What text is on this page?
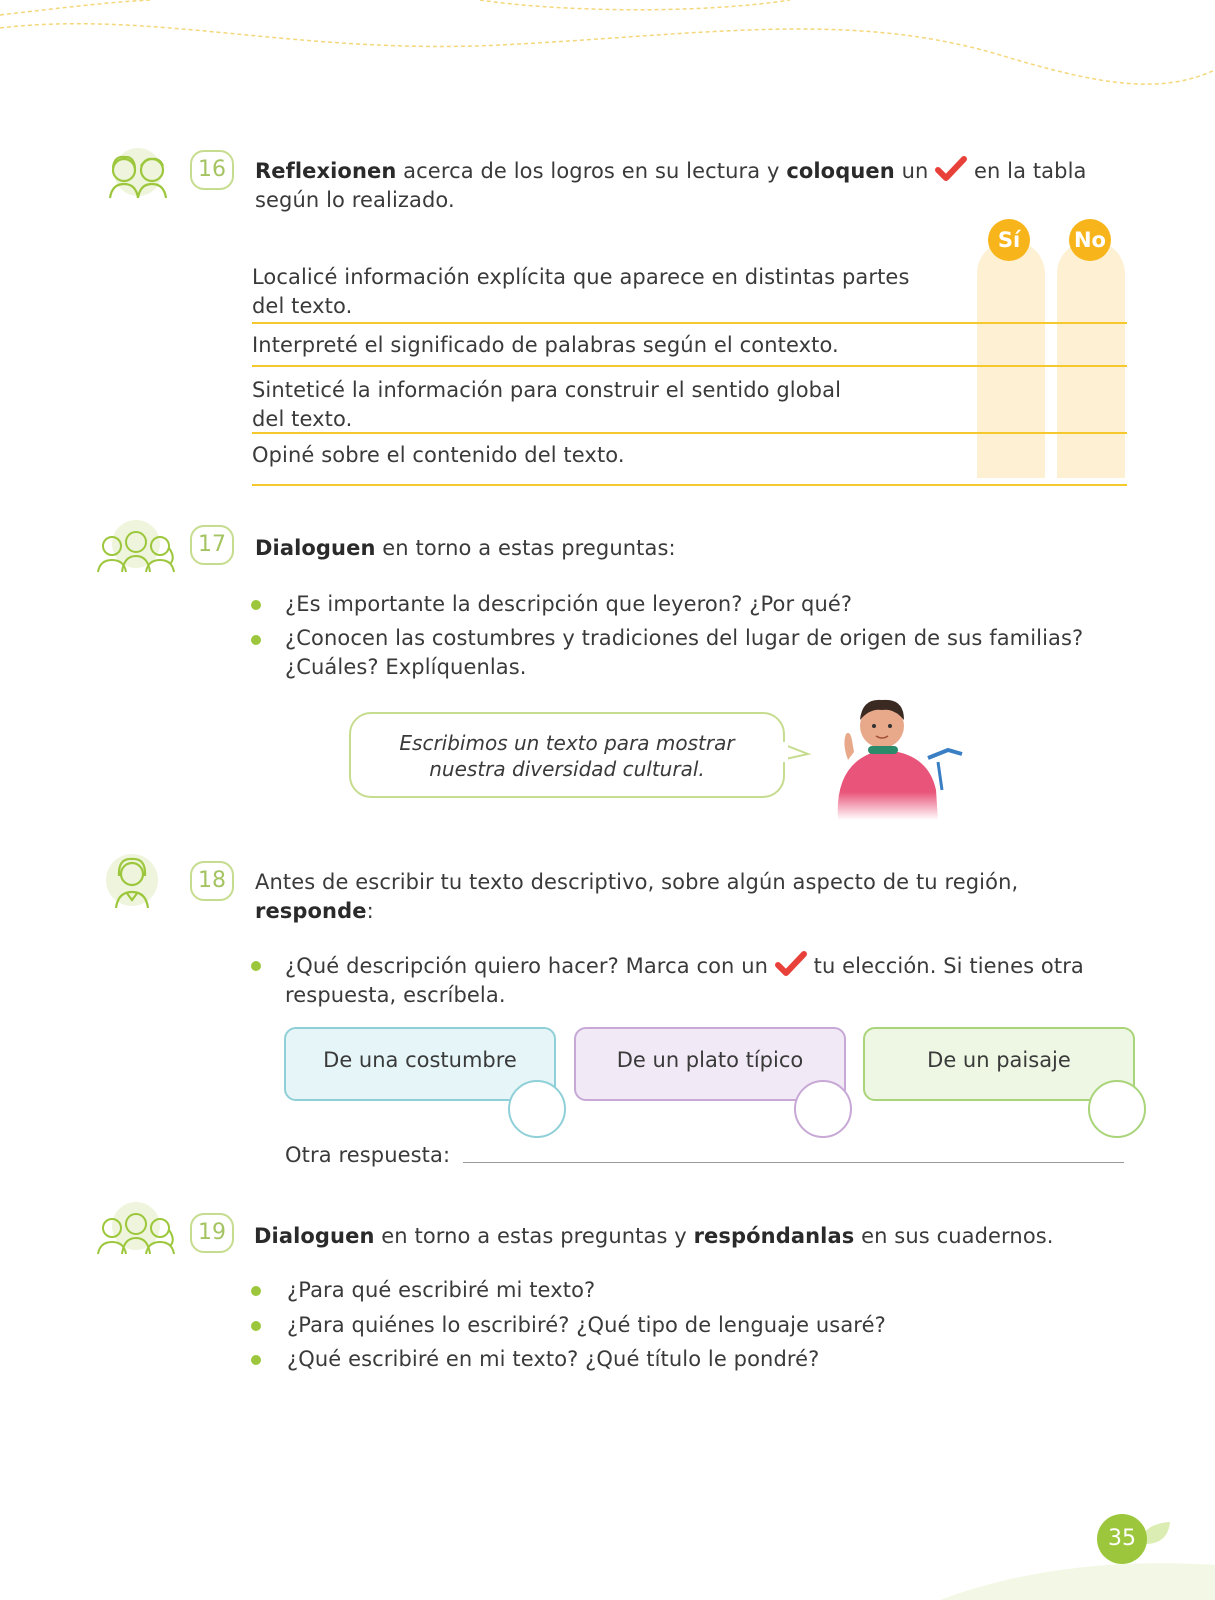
16	Reflexionen acerca de los logros en su lectura y coloquen un  en la tabla
según lo realizado.
Sí	No
Localicé información explícita que aparece en distintas partes
del texto.
Interpreté el significado de palabras según el contexto.
Sinteticé la información para construir el sentido global
del texto.
Opiné sobre el contenido del texto.
17	Dialoguen en torno a estas preguntas:
¿Es importante la descripción que leyeron? ¿Por qué?
¿Conocen las costumbres y tradiciones del lugar de origen de sus familias?
¿Cuáles? Explíquenlas.
Escribimos un texto para mostrar
nuestra diversidad cultural.
18	Antes de escribir tu texto descriptivo, sobre algún aspecto de tu región,
responde:
¿Qué descripción quiero hacer? Marca con un  tu elección. Si tienes otra
respuesta, escríbela.
De una costumbre	De un plato típico	De un paisaje
Otra respuesta:
19	Dialoguen en torno a estas preguntas y respóndanlas en sus cuadernos.
¿Para qué escribiré mi texto?
¿Para quiénes lo escribiré? ¿Qué tipo de lenguaje usaré?
¿Qué escribiré en mi texto? ¿Qué título le pondré?
35
